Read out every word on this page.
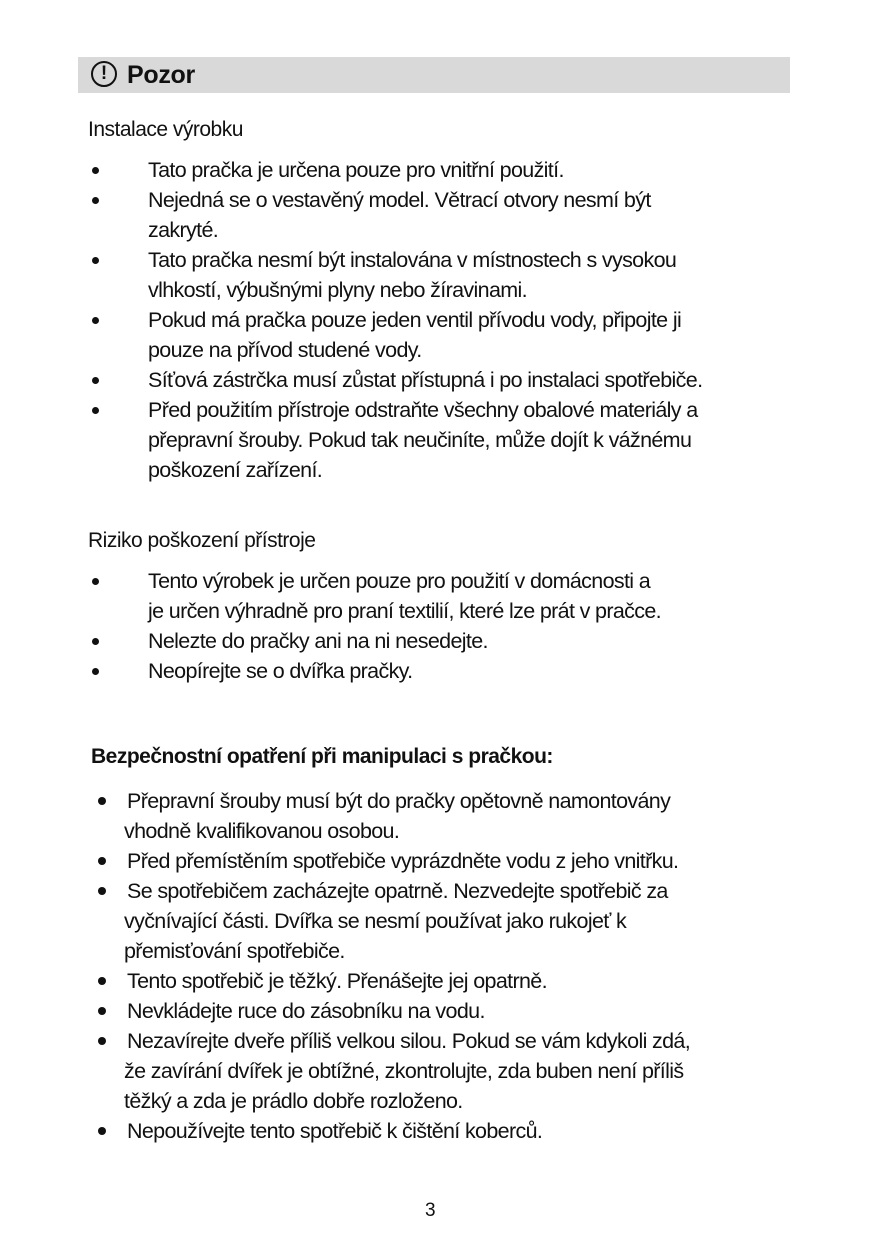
! Pozor
Instalace výrobku
Tato pračka je určena pouze pro vnitřní použití.
Nejedná se o vestavěný model. Větrací otvory nesmí být
zakryté.
Tato pračka nesmí být instalována v místnostech s vysokou
vlhkostí, výbušnými plyny nebo žíravinami.
Pokud má pračka pouze jeden ventil přívodu vody, připojte ji
pouze na přívod studené vody.
Síťová zástrčka musí zůstat přístupná i po instalaci spotřebiče.
Před použitím přístroje odstraňte všechny obalové materiály a
přepravní šrouby. Pokud tak neučiníte, může dojít k vážnému
poškození zařízení.
Riziko poškození přístroje
Tento výrobek je určen pouze pro použití v domácnosti a
je určen výhradně pro praní textilií, které lze prát v pračce.
Nelezte do pračky ani na ni nesedejte.
Neopírejte se o dvířka pračky.
Bezpečnostní opatření při manipulaci s pračkou:
Přepravní šrouby musí být do pračky opětovně namontovány
vhodně kvalifikovanou osobou.
Před přemístěním spotřebiče vyprázdněte vodu z jeho vnitřku.
Se spotřebičem zacházejte opatrně. Nezvedejte spotřebič za
vyčnívající části. Dvířka se nesmí používat jako rukojeť k
přemisťování spotřebiče.
Tento spotřebič je těžký. Přenášejte jej opatrně.
Nevkládejte ruce do zásobníku na vodu.
Nezavírejte dveře příliš velkou silou. Pokud se vám kdykoli zdá,
že zavírání dvířek je obtížné, zkontrolujte, zda buben není příliš
těžký a zda je prádlo dobře rozloženo.
Nepoužívejte tento spotřebič k čištění koberců.
3
